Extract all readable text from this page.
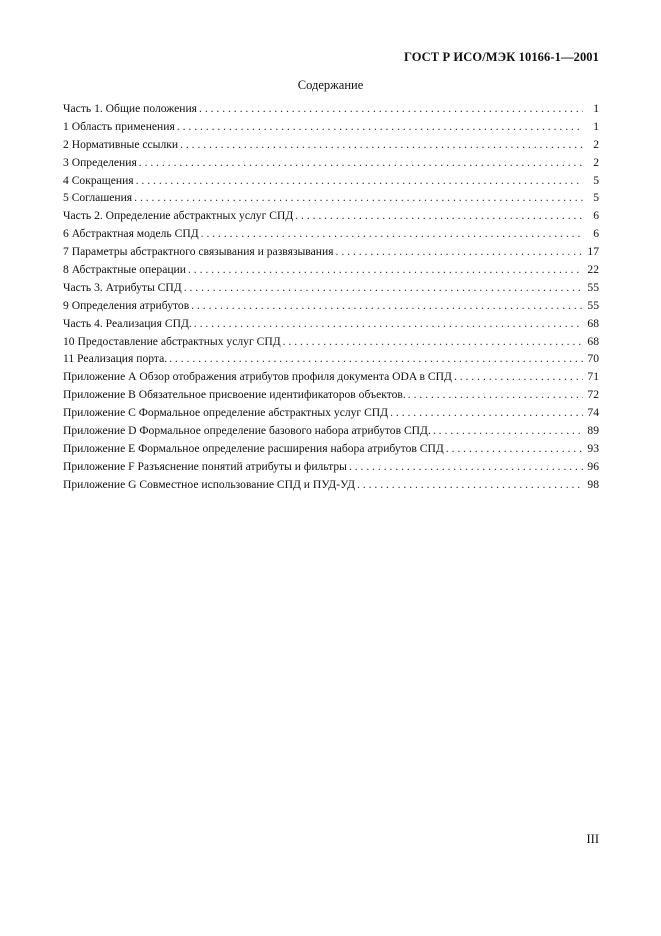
ГОСТ Р ИСО/МЭК 10166-1—2001
Содержание
Часть 1. Общие положения . . .	1
1 Область применения . . .	1
2 Нормативные ссылки . . .	2
3 Определения . . .	2
4 Сокращения . . .	5
5 Соглашения . . .	5
Часть 2. Определение абстрактных услуг СПД . . .	6
6 Абстрактная модель СПД . . .	6
7 Параметры абстрактного связывания и развязывания . . .	17
8 Абстрактные операции . . .	22
Часть 3. Атрибуты СПД . . .	55
9 Определения атрибутов . . .	55
Часть 4. Реализация СПД. . . .	68
10 Предоставление абстрактных услуг СПД . . .	68
11 Реализация порта. . . .	70
Приложение А Обзор отображения атрибутов профиля документа ODA в СПД . . .	71
Приложение В Обязательное присвоение идентификаторов объектов. . . .	72
Приложение С Формальное определение абстрактных услуг СПД . . .	74
Приложение D Формальное определение базового набора атрибутов СПД. . . .	89
Приложение Е Формальное определение расширения набора атрибутов СПД . . .	93
Приложение F Разъяснение понятий атрибуты и фильтры . . .	96
Приложение G Совместное использование СПД и ПУД-УД . . .	98
III
